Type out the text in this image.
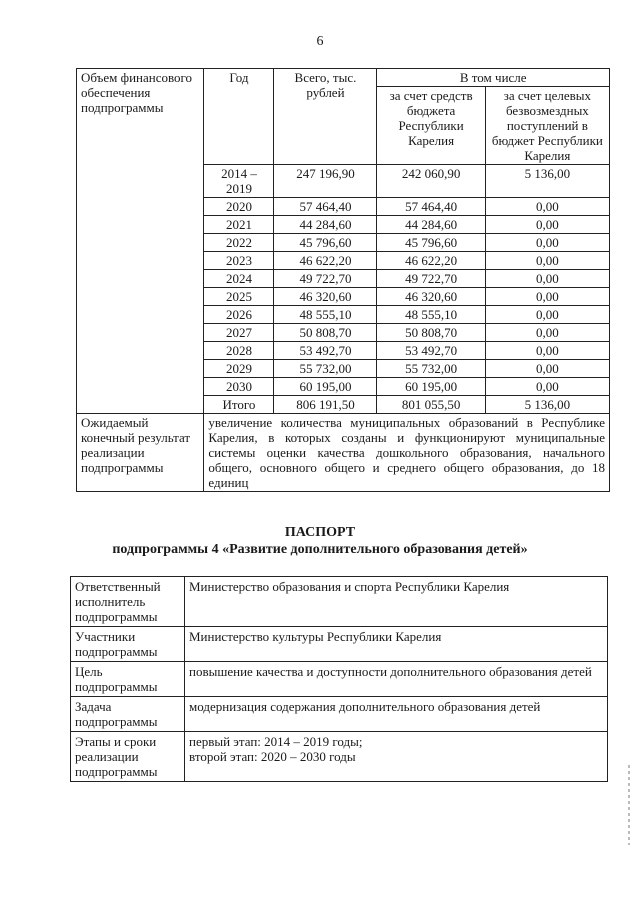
6
Объем финансового обеспечения подпрограммы	Год	Всего, тыс. рублей	В том числе	
			за счет средств бюджета Республики Карелия	за счет целевых безвозмездных поступлений в бюджет Республики Карелия
	2014 – 2019	247 196,90	242 060,90	5 136,00
	2020	57 464,40	57 464,40	0,00
	2021	44 284,60	44 284,60	0,00
	2022	45 796,60	45 796,60	0,00
	2023	46 622,20	46 622,20	0,00
	2024	49 722,70	49 722,70	0,00
	2025	46 320,60	46 320,60	0,00
	2026	48 555,10	48 555,10	0,00
	2027	50 808,70	50 808,70	0,00
	2028	53 492,70	53 492,70	0,00
	2029	55 732,00	55 732,00	0,00
	2030	60 195,00	60 195,00	0,00
	Итого	806 191,50	801 055,50	5 136,00
Ожидаемый конечный результат реализации подпрограммы	увеличение количества муниципальных образований в Республике Карелия, в которых созданы и функционируют муниципальные системы оценки качества дошкольного образования, начального общего, основного общего и среднего общего образования, до 18 единиц			
ПАСПОРТ
подпрограммы 4 «Развитие дополнительного образования детей»
Ответственный исполнитель подпрограммы	Министерство образования и спорта Республики Карелия
Участники подпрограммы	Министерство культуры Республики Карелия
Цель подпрограммы	повышение качества и доступности дополнительного образования детей
Задача подпрограммы	модернизация содержания дополнительного образования детей
Этапы и сроки реализации подпрограммы	первый этап: 2014 – 2019 годы;
второй этап: 2020 – 2030 годы
